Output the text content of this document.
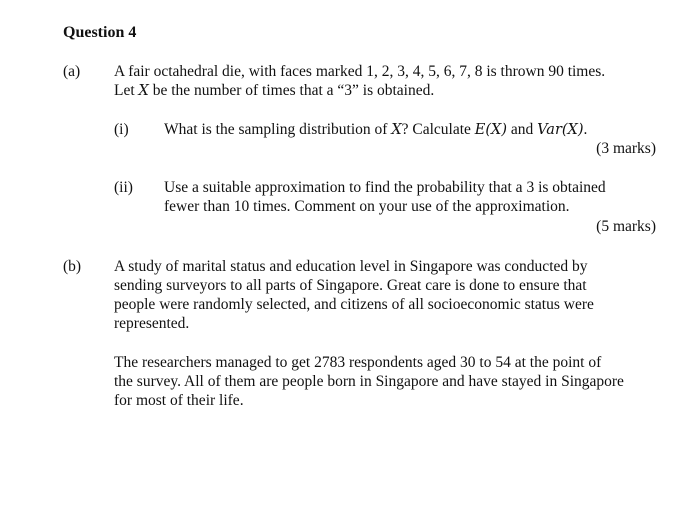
Question 4
(a) A fair octahedral die, with faces marked 1, 2, 3, 4, 5, 6, 7, 8 is thrown 90 times.
Let X be the number of times that a “3” is obtained.
(i) What is the sampling distribution of X? Calculate E(X) and Var(X).
(3 marks)
(ii) Use a suitable approximation to find the probability that a 3 is obtained
fewer than 10 times. Comment on your use of the approximation.
(5 marks)
(b) A study of marital status and education level in Singapore was conducted by
sending surveyors to all parts of Singapore. Great care is done to ensure that
people were randomly selected, and citizens of all socioeconomic status were
represented.
The researchers managed to get 2783 respondents aged 30 to 54 at the point of
the survey. All of them are people born in Singapore and have stayed in Singapore
for most of their life.
